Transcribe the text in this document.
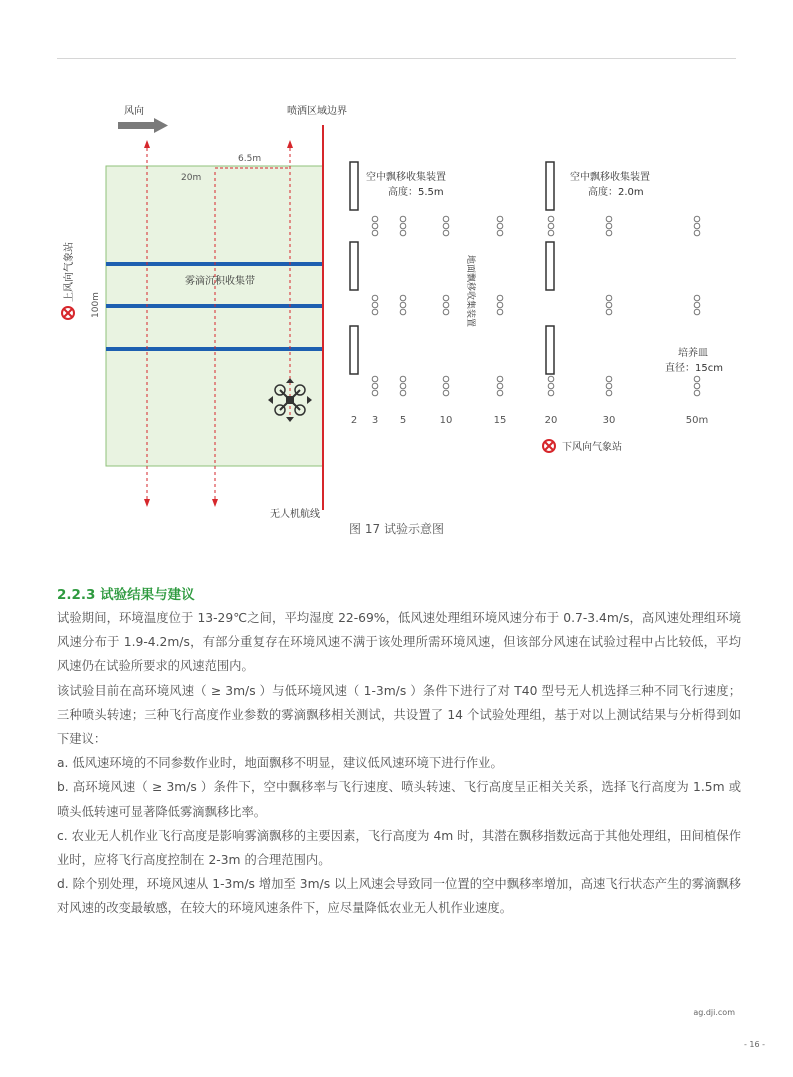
雾滴沉积收集带
喷洒区域边界
风向
20m
6.5m
100m
上风向气象站
无人机航线
空中飘移收集装置
高度：5.5m
空中飘移收集装置
高度：2.0m
地面飘移收集装置
培养皿
直径：15cm
2 3 5	10	15	20	30	50m
下风向气象站
图 17 试验示意图
2.2.3 试验结果与建议

试验期间，环境温度位于 13-29℃之间，平均湿度 22-69%，低风速处理组环境风速分布于 0.7-3.4m/s，高风速处理组环境风速分布于 1.9-4.2m/s，有部分重复存在环境风速不满于该处理所需环境风速，但该部分风速在试验过程中占比较低，平均风速仍在试验所要求的风速范围内。

该试验目前在高环境风速（ ≥ 3m/s ）与低环境风速（ 1-3m/s ）条件下进行了对 T40 型号无人机选择三种不同飞行速度；三种喷头转速；三种飞行高度作业参数的雾滴飘移相关测试，共设置了 14 个试验处理组，基于对以上测试结果与分析得到如下建议：

a. 低风速环境的不同参数作业时，地面飘移不明显，建议低风速环境下进行作业。

b. 高环境风速（ ≥ 3m/s ）条件下，空中飘移率与飞行速度、喷头转速、飞行高度呈正相关关系，选择飞行高度为 1.5m 或喷头低转速可显著降低雾滴飘移比率。

c. 农业无人机作业飞行高度是影响雾滴飘移的主要因素，飞行高度为 4m 时，其潜在飘移指数远高于其他处理组，田间植保作业时，应将飞行高度控制在 2-3m 的合理范围内。

d. 除个别处理，环境风速从 1-3m/s 增加至 3m/s 以上风速会导致同一位置的空中飘移率增加，高速飞行状态产生的雾滴飘移对风速的改变最敏感，在较大的环境风速条件下，应尽量降低农业无人机作业速度。

ag.dji.com
- 16 -
